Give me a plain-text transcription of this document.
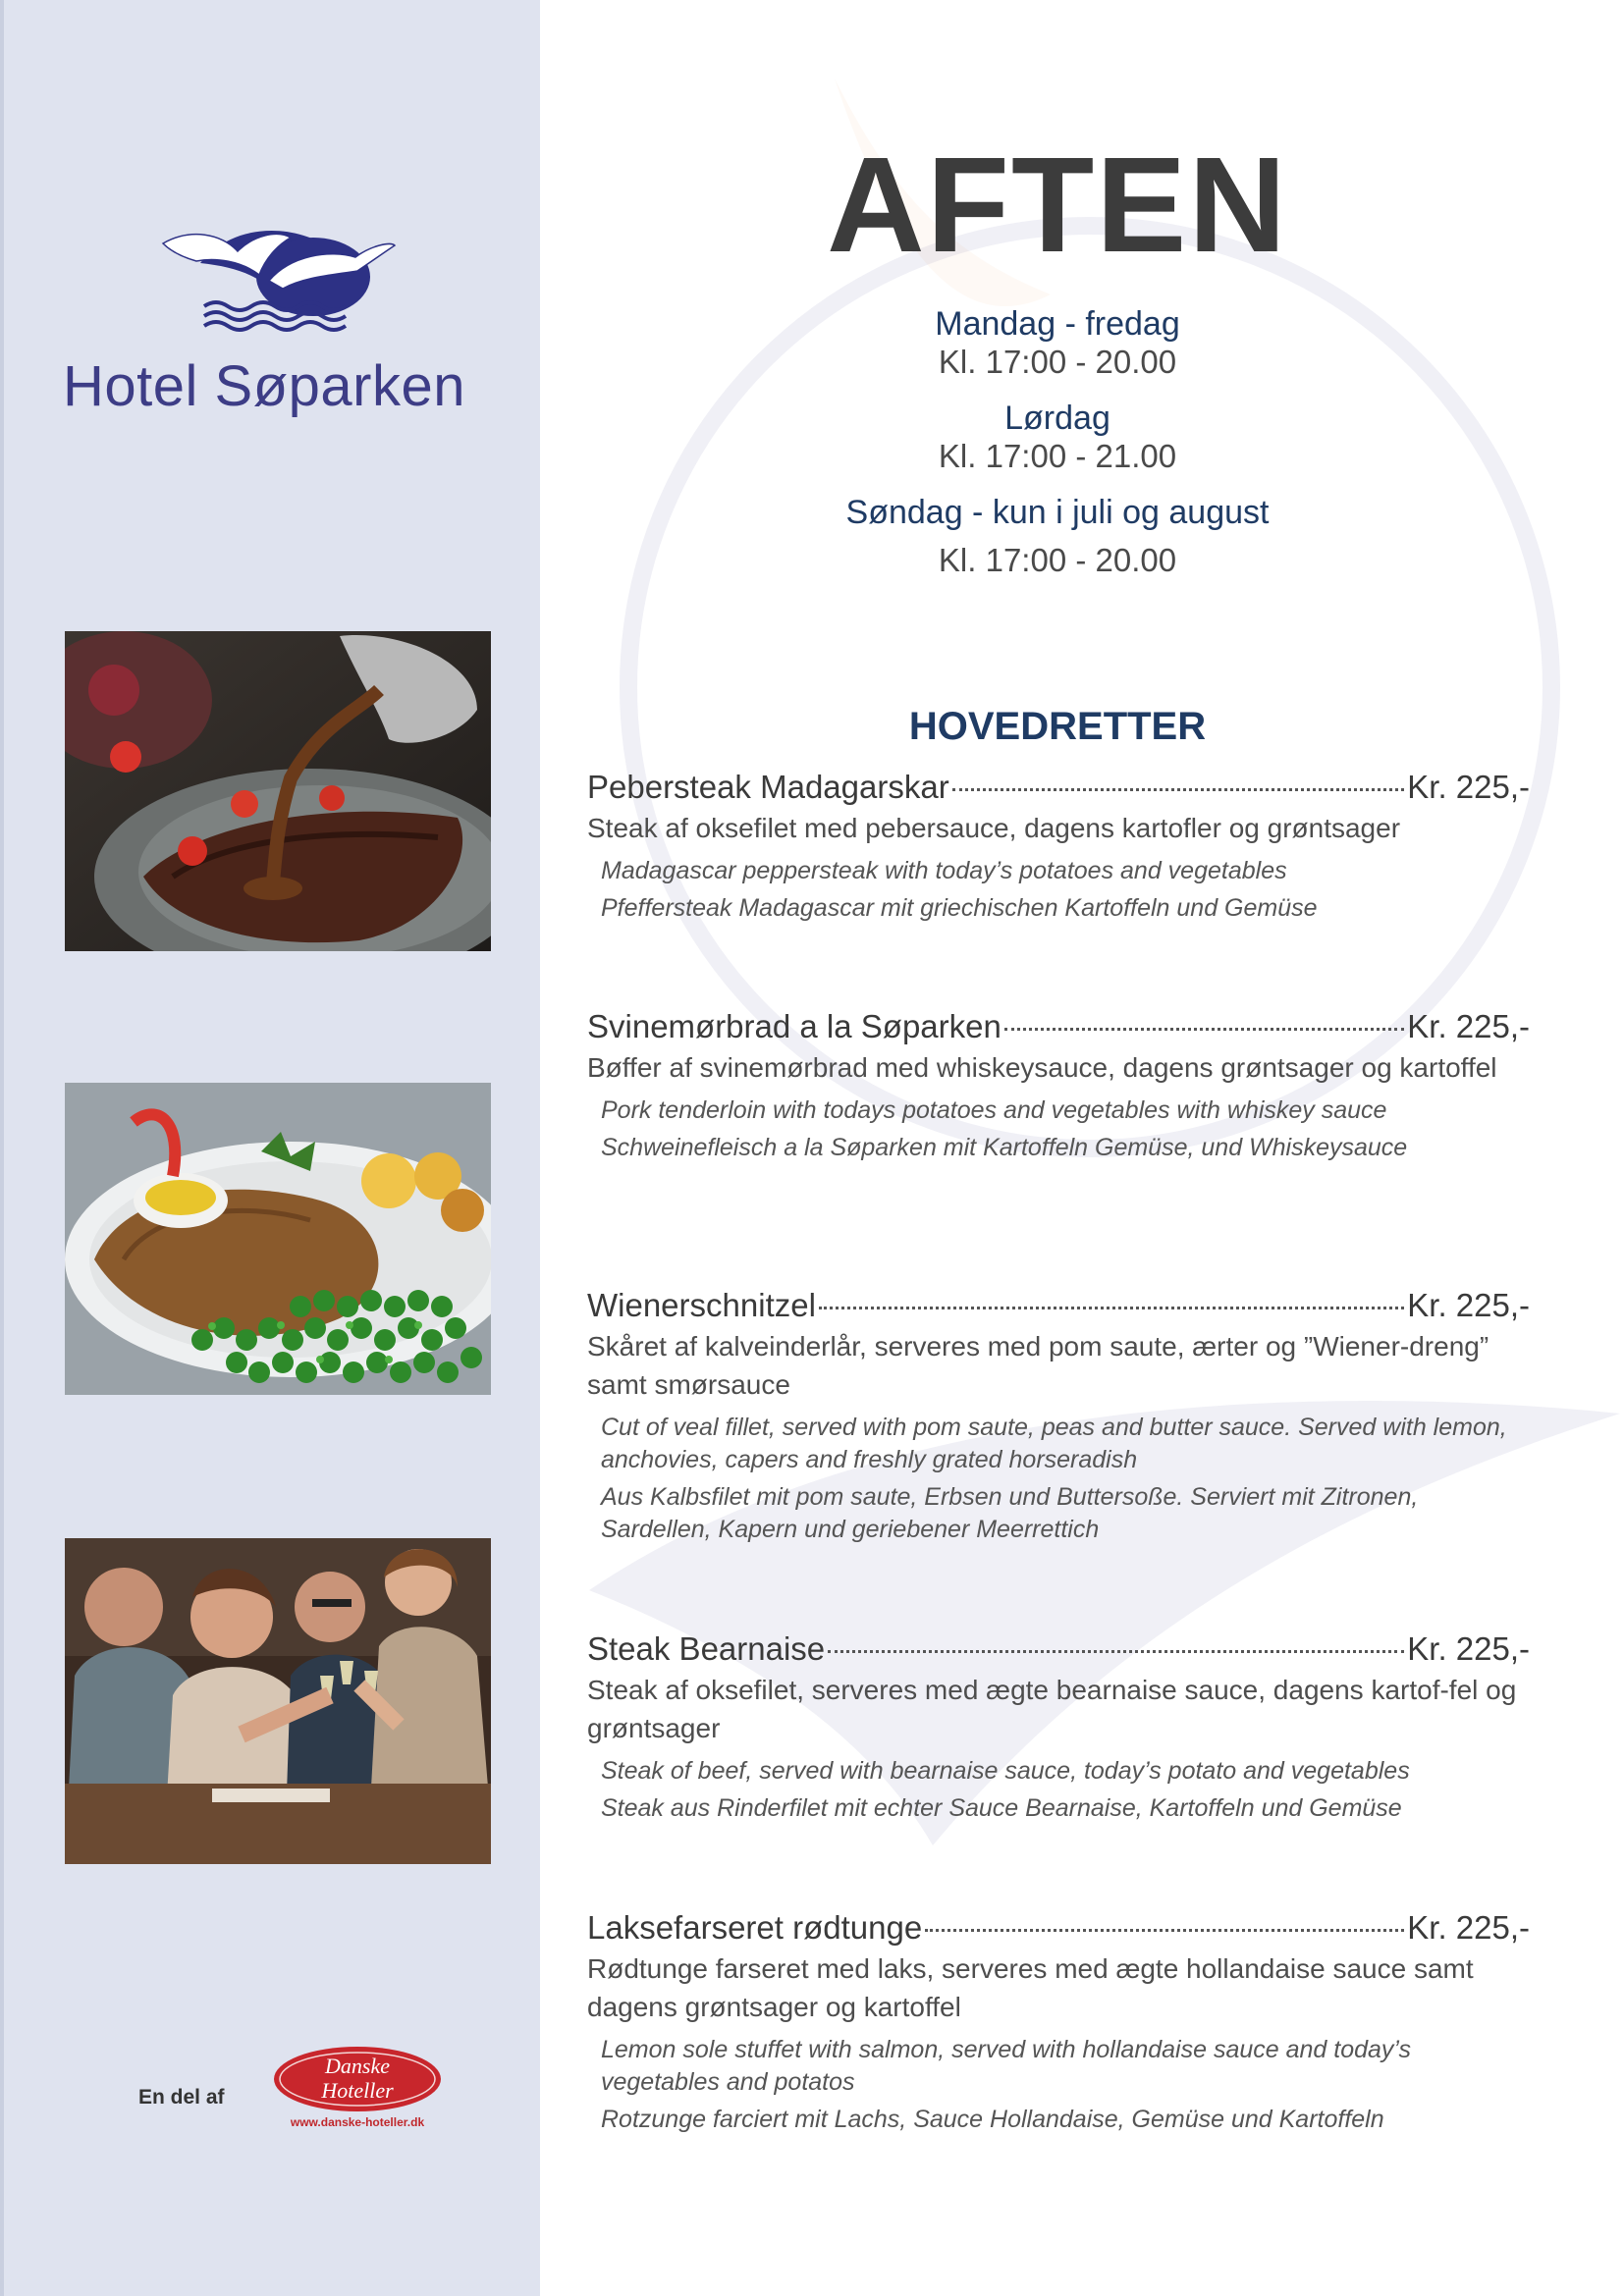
Hotel Søparken
En del af
Danske
Hoteller
www.danske-hoteller.dk
AFTEN
Mandag - fredag
Kl. 17:00 - 20.00
Lørdag
Kl. 17:00 - 21.00
Søndag - kun i juli og august
Kl. 17:00 - 20.00
HOVEDRETTER
Pebersteak Madagarskar	Kr. 225,-
Steak af oksefilet med pebersauce, dagens kartofler og grøntsager
Madagascar peppersteak with today’s potatoes and vegetables
Pfeffersteak Madagascar mit griechischen Kartoffeln und Gemüse
Svinemørbrad a la Søparken	Kr. 225,-
Bøffer af svinemørbrad med whiskeysauce, dagens grøntsager og kartoffel
Pork tenderloin with todays potatoes and vegetables with whiskey sauce
Schweinefleisch a la Søparken mit Kartoffeln Gemüse, und Whiskeysauce
Wienerschnitzel	Kr. 225,-
Skåret af kalveinderlår, serveres med pom saute, ærter og ”Wiener-dreng” samt smørsauce
Cut of veal fillet, served with pom saute, peas and butter sauce. Served with lemon, anchovies, capers and freshly grated horseradish
Aus Kalbsfilet mit pom saute, Erbsen und Buttersoße. Serviert mit Zitronen, Sardellen, Kapern und geriebener Meerrettich
Steak Bearnaise	Kr. 225,-
Steak af oksefilet, serveres med ægte bearnaise sauce, dagens kartof-fel og grøntsager
Steak of beef, served with bearnaise sauce, today’s potato and vegetables
Steak aus Rinderfilet mit echter Sauce Bearnaise, Kartoffeln und Gemüse
Laksefarseret rødtunge	Kr. 225,-
Rødtunge farseret med laks, serveres med ægte hollandaise sauce samt dagens grøntsager og kartoffel
Lemon sole stuffet with salmon, served with hollandaise sauce and today’s vegetables and potatos
Rotzunge farciert mit Lachs, Sauce Hollandaise, Gemüse und Kartoffeln
